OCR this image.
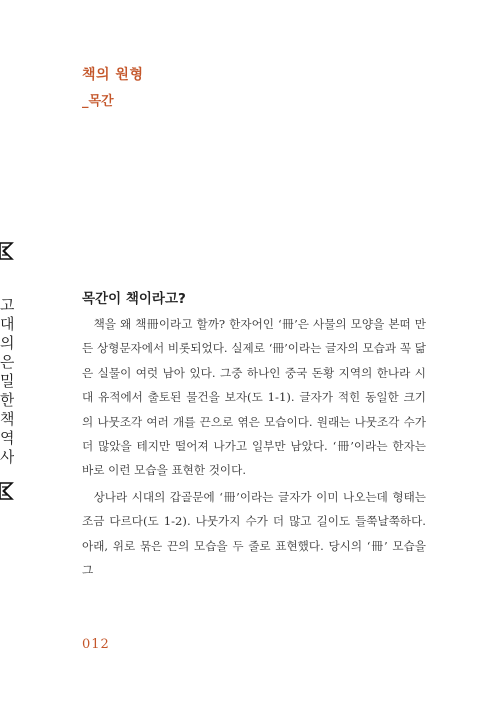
책의 원형
_목간
고대의 은밀한 책 역사
목간이 책이라고?

책을 왜 책冊이라고 할까? 한자어인 ‘冊’은 사물의 모양을 본떠 만든 상형문자에서 비롯되었다. 실제로 ‘冊’이라는 글자의 모습과 꼭 닮은 실물이 여럿 남아 있다. 그중 하나인 중국 돈황 지역의 한나라 시대 유적에서 출토된 물건을 보자(도 1-1). 글자가 적힌 동일한 크기의 나뭇조각 여러 개를 끈으로 엮은 모습이다. 원래는 나뭇조각 수가 더 많았을 테지만 떨어져 나가고 일부만 남았다. ‘冊’이라는 한자는 바로 이런 모습을 표현한 것이다.

상나라 시대의 갑골문에 ‘冊’이라는 글자가 이미 나오는데 형태는 조금 다르다(도 1-2). 나뭇가지 수가 더 많고 길이도 들쭉날쭉하다. 아래, 위로 묶은 끈의 모습을 두 줄로 표현했다. 당시의 ‘冊’ 모습을 그

012
